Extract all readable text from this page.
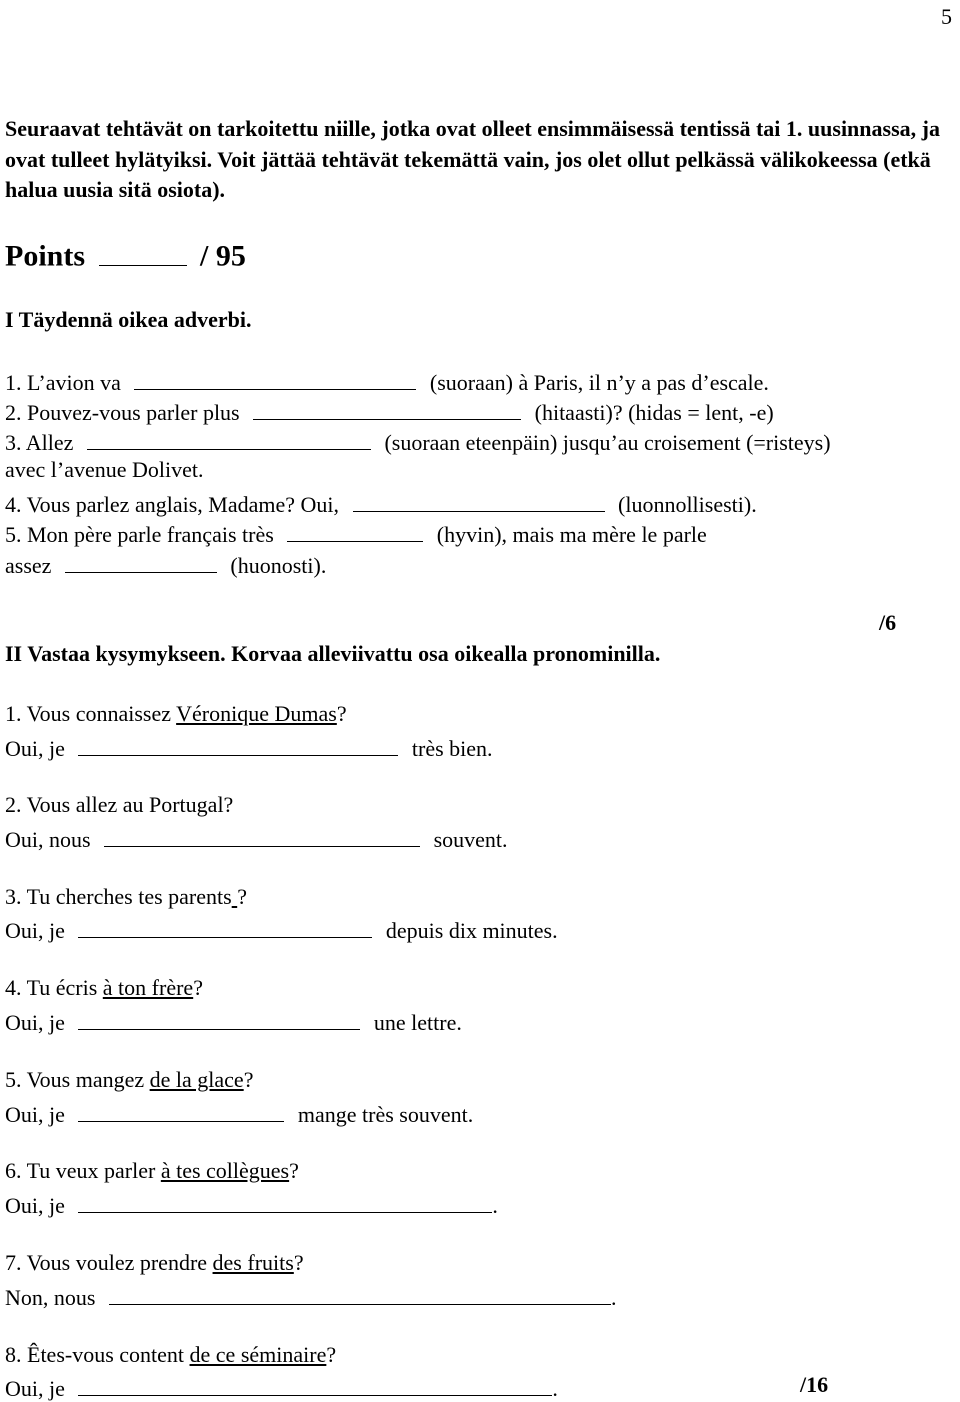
5
Seuraavat tehtävät on tarkoitettu niille, jotka ovat olleet ensimmäisessä tentissä tai 1. uusinnassa, ja ovat tulleet hylätyiksi. Voit jättää tehtävät tekemättä vain, jos olet ollut pelkässä välikokeessa (etkä halua uusia sitä osiota).
Points	/ 95
I Täydennä oikea adverbi.
1. L’avion va	(suoraan) à Paris, il n’y a pas d’escale.
2. Pouvez-vous parler plus	(hitaasti)? (hidas = lent, -e)
3. Allez	(suoraan eteenpäin) jusqu’au croisement (=risteys)
avec l’avenue Dolivet.
4. Vous parlez anglais, Madame? Oui,	(luonnollisesti).
5. Mon père parle français très	(hyvin), mais ma mère le parle
assez	(huonosti).
/6
II Vastaa kysymykseen. Korvaa alleviivattu osa oikealla pronominilla.
1. Vous connaissez Véronique Dumas?
Oui, je	très bien.
2. Vous allez au Portugal?
Oui, nous	souvent.
3. Tu cherches tes parents ?
Oui, je	depuis dix minutes.
4. Tu écris à ton frère?
Oui, je	une lettre.
5. Vous mangez de la glace?
Oui, je	mange très souvent.
6. Tu veux parler à tes collègues?
Oui, je	.
7. Vous voulez prendre des fruits?
Non, nous	.
8. Êtes-vous content de ce séminaire?
Oui, je	.	/16
